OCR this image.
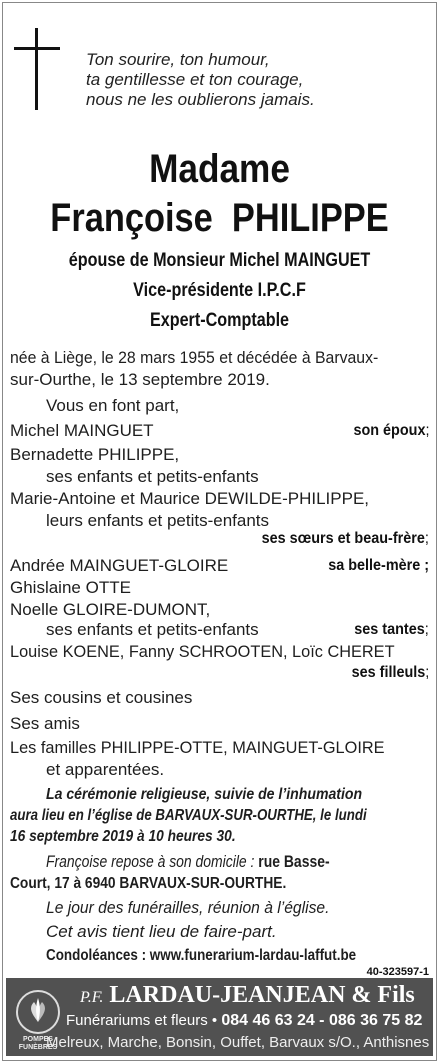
Ton sourire, ton humour,
ta gentillesse et ton courage,
nous ne les oublierons jamais.
Madame
Françoise  PHILIPPE
épouse de Monsieur Michel MAINGUET
Vice-présidente I.P.C.F
Expert-Comptable
née à Liège, le 28 mars 1955 et décédée à Barvaux-
sur-Ourthe, le 13 septembre 2019.
Vous en font part,
Michel MAINGUET	son époux;
Bernadette PHILIPPE,
ses enfants et petits-enfants
Marie-Antoine et Maurice DEWILDE-PHILIPPE,
leurs enfants et petits-enfants
ses sœurs et beau-frère;
Andrée MAINGUET-GLOIRE	sa belle-mère ;
Ghislaine OTTE
Noelle GLOIRE-DUMONT,
ses enfants et petits-enfants	ses tantes;
Louise KOENE, Fanny SCHROOTEN, Loïc CHERET
ses filleuls;
Ses cousins et cousines
Ses amis
Les familles PHILIPPE-OTTE, MAINGUET-GLOIRE
et apparentées.
La cérémonie religieuse, suivie de l’inhumation
aura lieu en l’église de BARVAUX-SUR-OURTHE, le lundi
16 septembre 2019 à 10 heures 30.
Françoise repose à son domicile : rue Basse-
Court, 17 à 6940 BARVAUX-SUR-OURTHE.
Le jour des funérailles, réunion à l’église.
Cet avis tient lieu de faire-part.
Condoléances : www.funerarium-lardau-laffut.be
40-323597-1
POMPES FUNÈBRES
P.F. LARDAU-JEANJEAN & Fils
Funérariums et fleurs • 084 46 63 24 - 086 36 75 82
Melreux, Marche, Bonsin, Ouffet, Barvaux s/O., Anthisnes
